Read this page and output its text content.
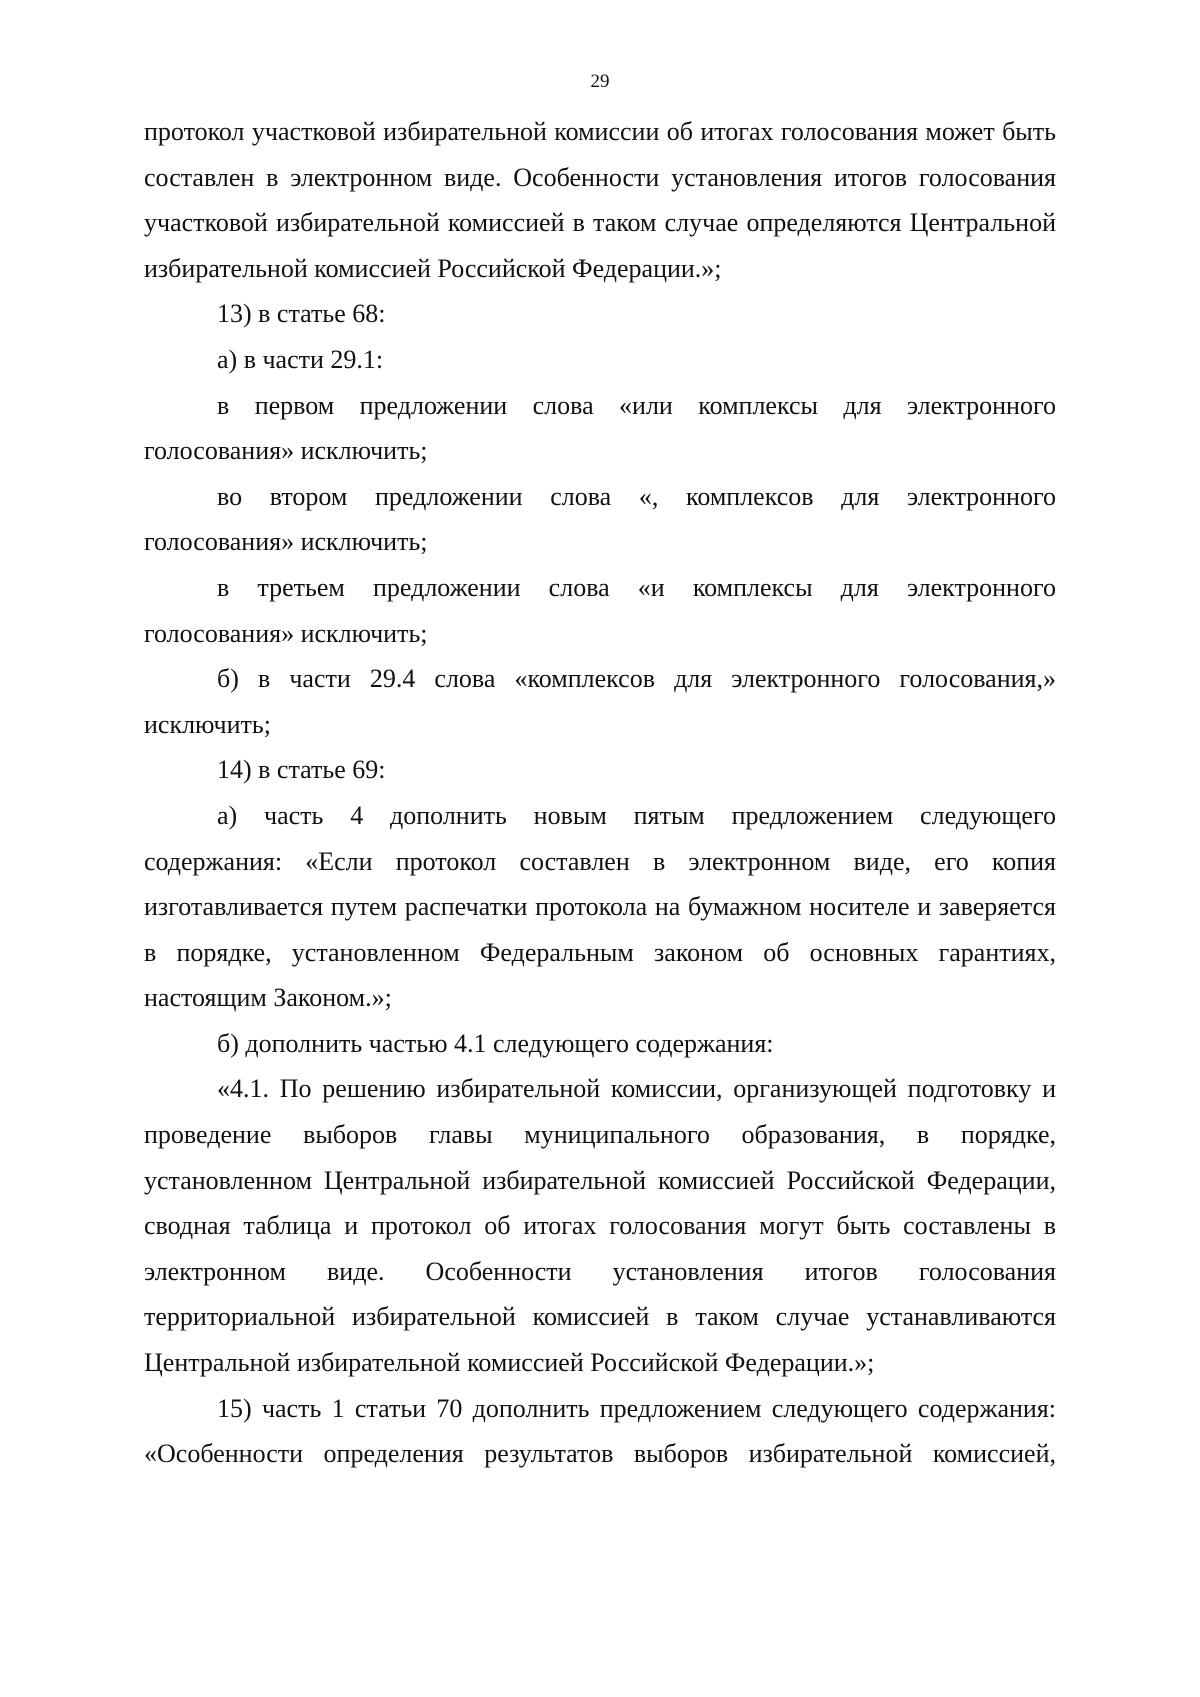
29

протокол участковой избирательной комиссии об итогах голосования может быть составлен в электронном виде. Особенности установления итогов голосования участковой избирательной комиссией в таком случае определяются Центральной избирательной комиссией Российской Федерации.»;

13) в статье 68:

а) в части 29.1:

в первом предложении слова «или комплексы для электронного голосования» исключить;

во втором предложении слова «, комплексов для электронного голосования» исключить;

в третьем предложении слова «и комплексы для электронного голосования» исключить;

б) в части 29.4 слова «комплексов для электронного голосования,» исключить;

14) в статье 69:

а) часть 4 дополнить новым пятым предложением следующего содержания: «Если протокол составлен в электронном виде, его копия изготавливается путем распечатки протокола на бумажном носителе и заверяется в порядке, установленном Федеральным законом об основных гарантиях, настоящим Законом.»;

б) дополнить частью 4.1 следующего содержания:

«4.1. По решению избирательной комиссии, организующей подготовку и проведение выборов главы муниципального образования, в порядке, установленном Центральной избирательной комиссией Российской Федерации, сводная таблица и протокол об итогах голосования могут быть составлены в электронном виде. Особенности установления итогов голосования территориальной избирательной комиссией в таком случае устанавливаются Центральной избирательной комиссией Российской Федерации.»;

15) часть 1 статьи 70 дополнить предложением следующего содержания: «Особенности определения результатов выборов избирательной комиссией,
